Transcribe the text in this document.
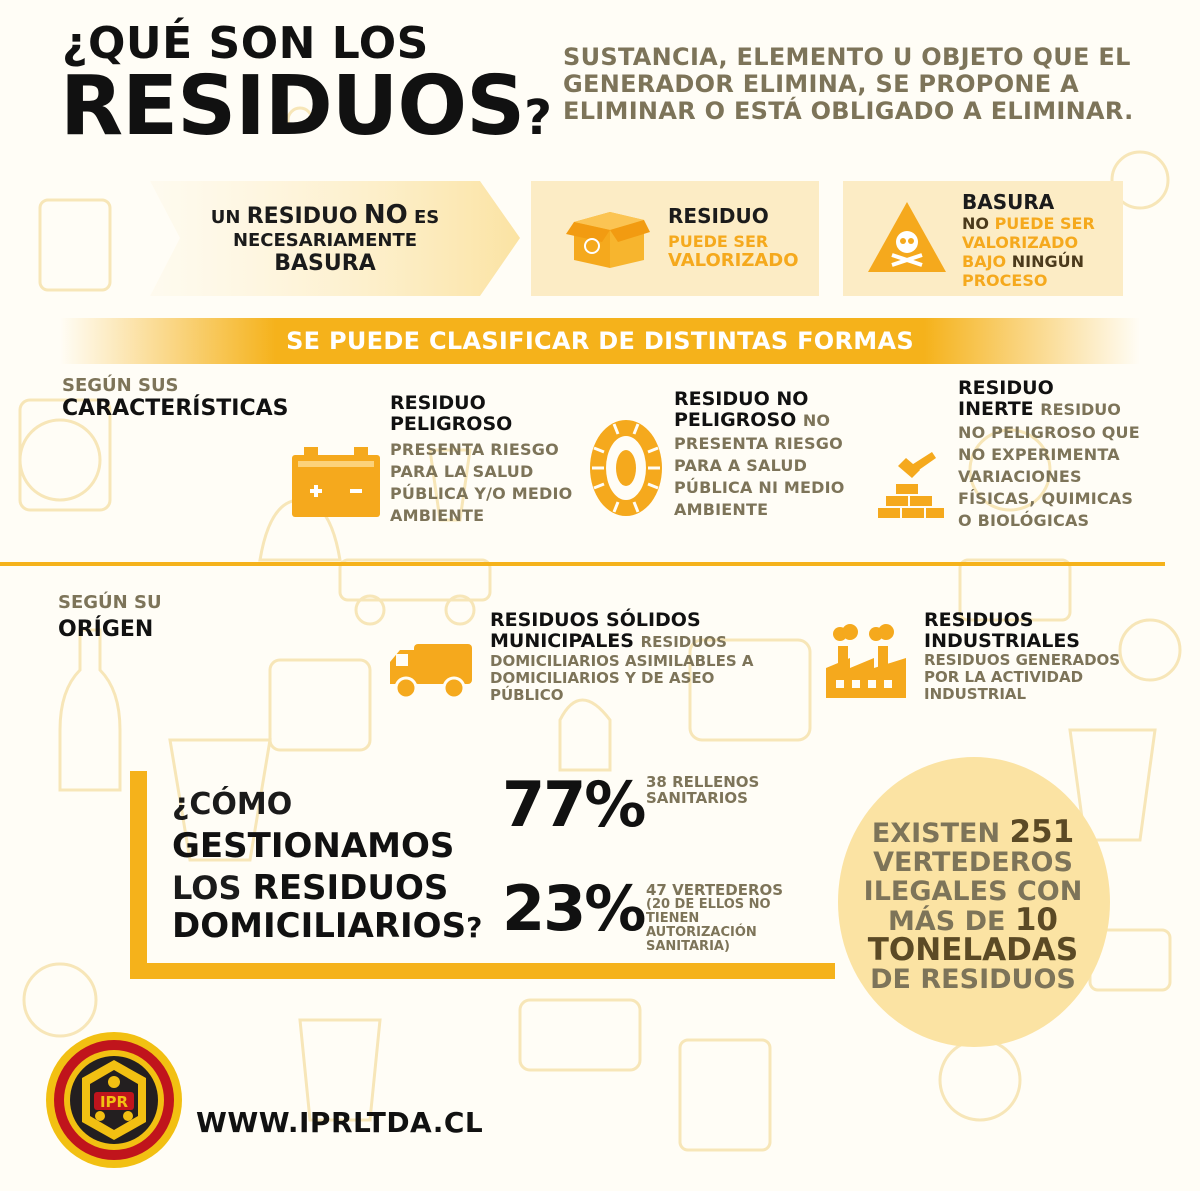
¿QUÉ SON LOS
RESIDUOS?
SUSTANCIA, ELEMENTO U OBJETO QUE EL GENERADOR ELIMINA, SE PROPONE A ELIMINAR O ESTÁ OBLIGADO A ELIMINAR.
UN RESIDUO NO ES
NECESARIAMENTE
BASURA
RESIDUO
PUEDE SER
VALORIZADO
BASURA
NO PUEDE SER
VALORIZADO
BAJO NINGÚN
PROCESO
SE PUEDE CLASIFICAR DE DISTINTAS FORMAS
SEGÚN SUS
CARACTERÍSTICAS	RESIDUO
PELIGROSO
PRESENTA RIESGO
PARA LA SALUD
PÚBLICA Y/O MEDIO
AMBIENTE
RESIDUO NO
PELIGROSO NO
PRESENTA RIESGO
PARA A SALUD
PÚBLICA NI MEDIO
AMBIENTE
RESIDUO
INERTE RESIDUO
NO PELIGROSO QUE
NO EXPERIMENTA
VARIACIONES
FÍSICAS, QUIMICAS
O BIOLÓGICAS
SEGÚN SU
ORÍGEN	RESIDUOS SÓLIDOS
MUNICIPALES RESIDUOS
DOMICILIARIOS ASIMILABLES A
DOMICILIARIOS Y DE ASEO
PÚBLICO
RESIDUOS
INDUSTRIALES
RESIDUOS GENERADOS
POR LA ACTIVIDAD
INDUSTRIAL
¿CÓMO
GESTIONAMOS
LOS RESIDUOS
DOMICILIARIOS?
77% 38 RELLENOS
SANITARIOS
23% 47 VERTEDEROS
(20 DE ELLOS NO
TIENEN
AUTORIZACIÓN
SANITARIA)
EXISTEN 251
VERTEDEROS
ILEGALES CON
MÁS DE 10
TONELADAS
DE RESIDUOS
IPR
WWW.IPRLTDA.CL
